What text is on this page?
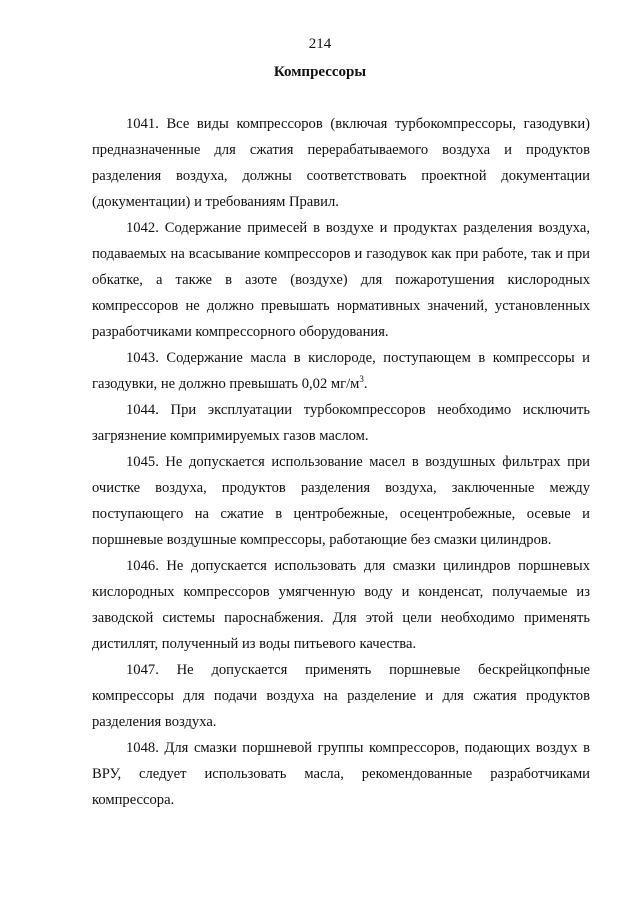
214
Компрессоры

1041. Все виды компрессоров (включая турбокомпрессоры, газодувки) предназначенные для сжатия перерабатываемого воздуха и продуктов разделения воздуха, должны соответствовать проектной документации (документации) и требованиям Правил.

1042. Содержание примесей в воздухе и продуктах разделения воздуха, подаваемых на всасывание компрессоров и газодувок как при работе, так и при обкатке, а также в азоте (воздухе) для пожаротушения кислородных компрессоров не должно превышать нормативных значений, установленных разработчиками компрессорного оборудования.

1043. Содержание масла в кислороде, поступающем в компрессоры и газодувки, не должно превышать 0,02 $мг/м^3$.

1044. При эксплуатации турбокомпрессоров необходимо исключить загрязнение компримируемых газов маслом.

1045. Не допускается использование масел в воздушных фильтрах при очистке воздуха, продуктов разделения воздуха, заключенные между поступающего на сжатие в центробежные, осецентробежные, осевые и поршневые воздушные компрессоры, работающие без смазки цилиндров.

1046. Не допускается использовать для смазки цилиндров поршневых кислородных компрессоров умягченную воду и конденсат, получаемые из заводской системы пароснабжения. Для этой цели необходимо применять дистиллят, полученный из воды питьевого качества.

1047. Не допускается применять поршневые бескрейцкопфные компрессоры для подачи воздуха на разделение и для сжатия продуктов разделения воздуха.

1048. Для смазки поршневой группы компрессоров, подающих воздух в ВРУ, следует использовать масла, рекомендованные разработчиками компрессора.
